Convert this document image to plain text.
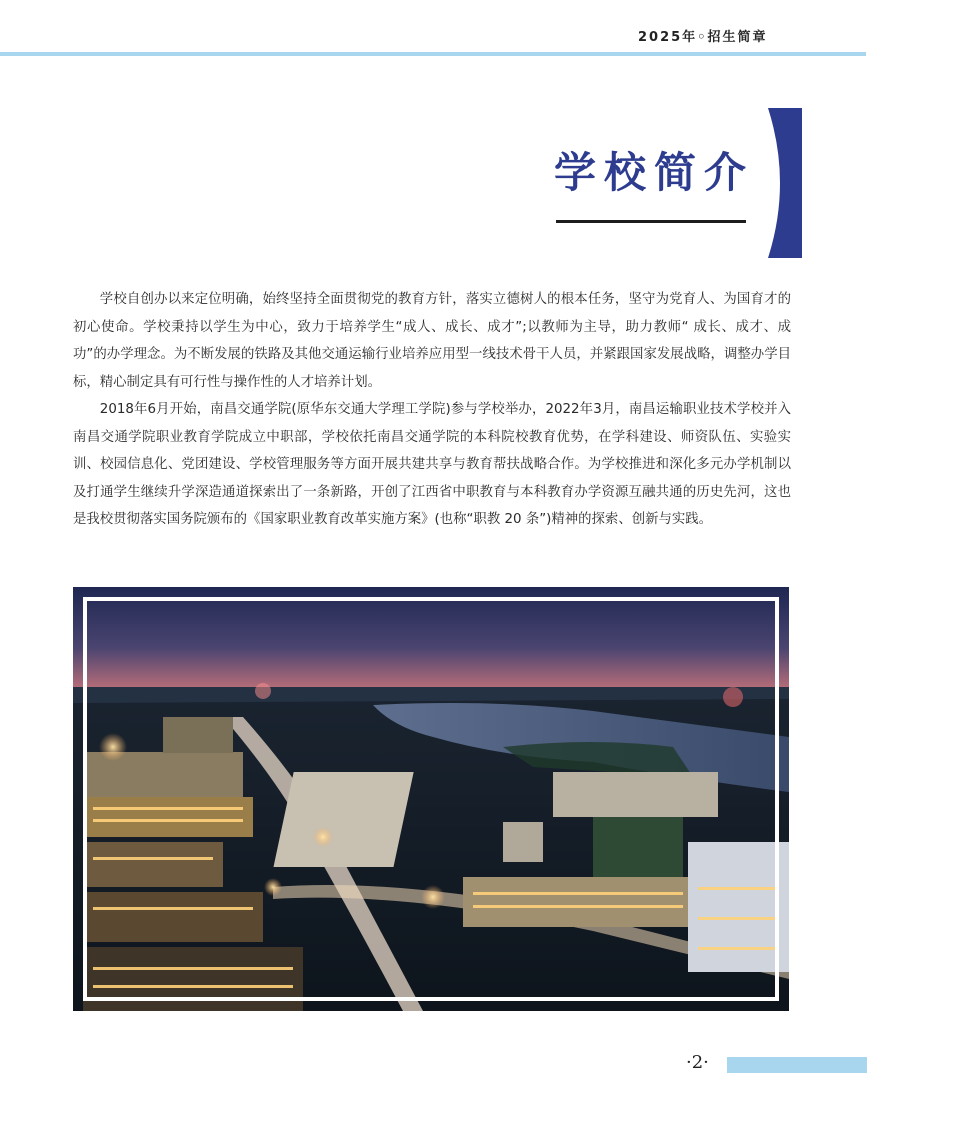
2025年◦招生简章
学校简介

学校自创办以来定位明确，始终坚持全面贯彻党的教育方针，落实立德树人的根本任务，坚守为党育人、为国育才的初心使命。学校秉持以学生为中心，致力于培养学生“成人、成长、成才”;以教师为主导，助力教师“ 成长、成才、成功”的办学理念。为不断发展的铁路及其他交通运输行业培养应用型一线技术骨干人员，并紧跟国家发展战略，调整办学目标，精心制定具有可行性与操作性的人才培养计划。

2018年6月开始，南昌交通学院(原华东交通大学理工学院)参与学校举办，2022年3月，南昌运输职业技术学校并入南昌交通学院职业教育学院成立中职部，学校依托南昌交通学院的本科院校教育优势，在学科建设、师资队伍、实验实训、校园信息化、党团建设、学校管理服务等方面开展共建共享与教育帮扶战略合作。为学校推进和深化多元办学机制以及打通学生继续升学深造通道探索出了一条新路，开创了江西省中职教育与本科教育办学资源互融共通的历史先河，这也是我校贯彻落实国务院颁布的《国家职业教育改革实施方案》(也称“职教 20 条”)精神的探索、创新与实践。

·2·
